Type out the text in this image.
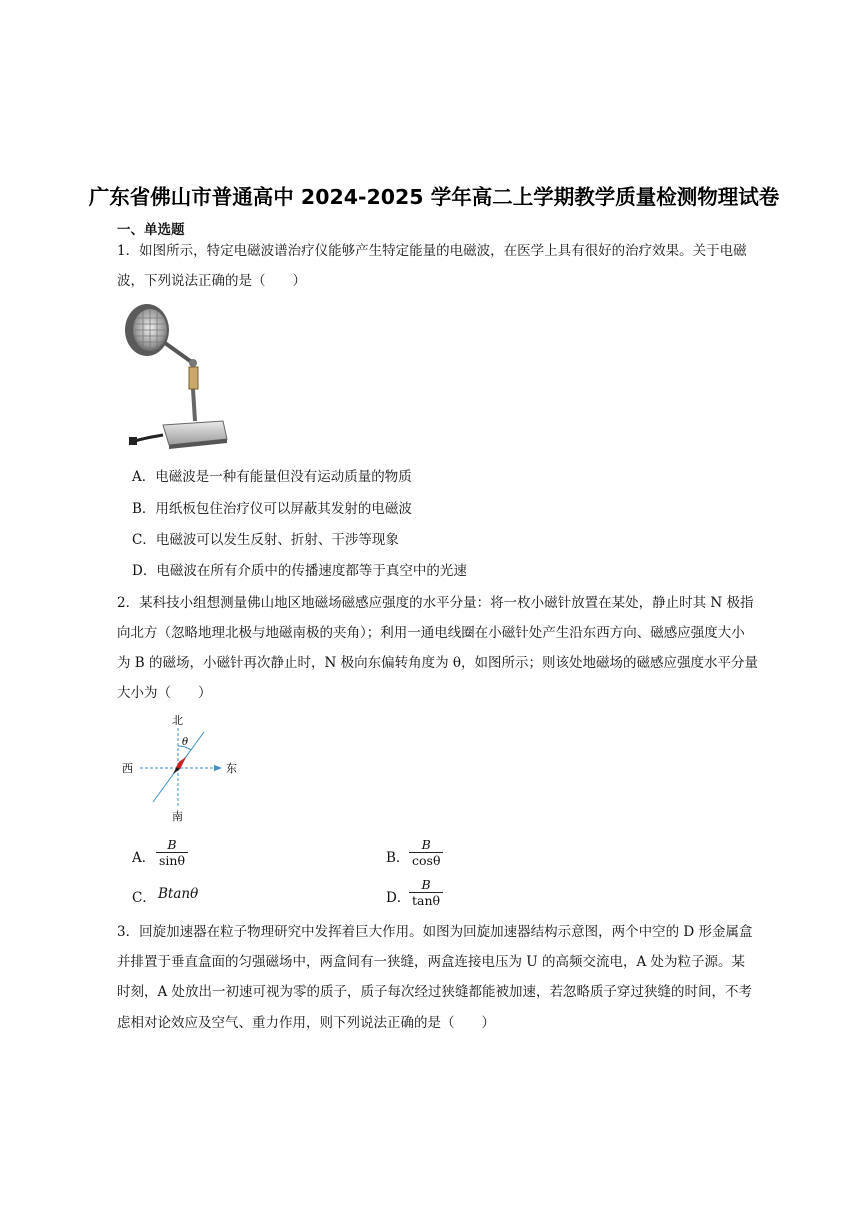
广东省佛山市普通高中 2024-2025 学年高二上学期教学质量检测物理试卷
一、单选题
1．如图所示，特定电磁波谱治疗仪能够产生特定能量的电磁波，在医学上具有很好的治疗效果。关于电磁
波，下列说法正确的是（　　）
A．电磁波是一种有能量但没有运动质量的物质
B．用纸板包住治疗仪可以屏蔽其发射的电磁波
C．电磁波可以发生反射、折射、干涉等现象
D．电磁波在所有介质中的传播速度都等于真空中的光速
2．某科技小组想测量佛山地区地磁场磁感应强度的水平分量：将一枚小磁针放置在某处，静止时其 N 极指
向北方（忽略地理北极与地磁南极的夹角）；利用一通电线圈在小磁针处产生沿东西方向、磁感应强度大小
为 B 的磁场，小磁针再次静止时，N 极向东偏转角度为 θ，如图所示；则该处地磁场的磁感应强度水平分量
大小为（　　）
北
南
东
西
θ
A． $\frac{B}{\sin\theta}$	B． $\frac{B}{\cos\theta}$
C． Btanθ	D．
$\frac{B}{\tan\theta}$
3．回旋加速器在粒子物理研究中发挥着巨大作用。如图为回旋加速器结构示意图，两个中空的 D 形金属盒
并排置于垂直盒面的匀强磁场中，两盒间有一狭缝，两盒连接电压为 U 的高频交流电，A 处为粒子源。某
时刻，A 处放出一初速可视为零的质子，质子每次经过狭缝都能被加速，若忽略质子穿过狭缝的时间，不考
虑相对论效应及空气、重力作用，则下列说法正确的是（　　）
